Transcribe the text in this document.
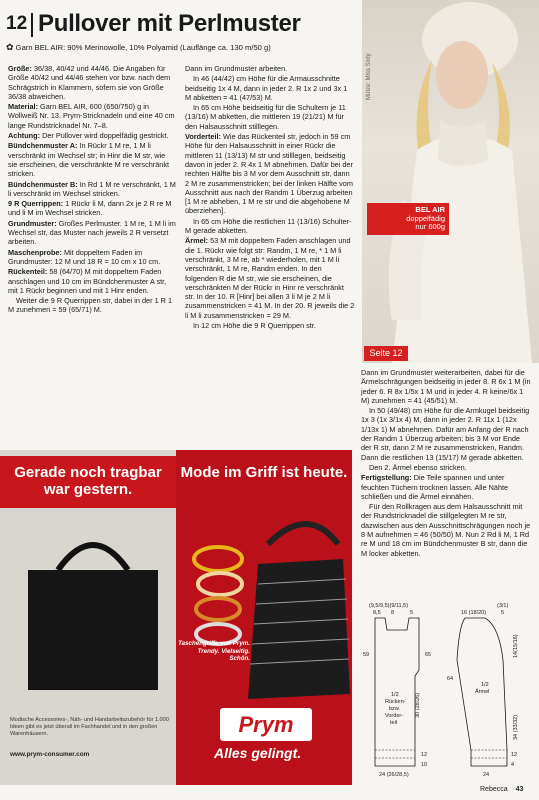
12 Pullover mit Perlmuster
✿ Garn BEL AIR: 90% Merinowolle, 10% Polyamid (Lauflänge ca. 130 m/50 g)

Größe: 36/38, 40/42 und 44/46. Die Angaben für Größe 40/42 und 44/46 stehen vor bzw. nach dem Schrägstrich in Klammern, sofern sie von Größe 36/38 abweichen.

Material: Garn BEL AIR, 600 (650/750) g in Wollweiß Nr. 13. Prym-Stricknadeln und eine 40 cm lange Rundstricknadel Nr. 7–8.

Achtung: Der Pullover wird doppelfädig gestrickt.

Bündchenmuster A: In Rückr 1 M re, 1 M li verschränkt im Wechsel str; in Hinr die M str, wie sie erscheinen, die verschränkte M re verschränkt stricken.

Bündchenmuster B: In Rd 1 M re verschränkt, 1 M li verschränkt im Wechsel stricken.

9 R Querrippen: 1 Rückr li M, dann 2x je 2 R re M und li M im Wechsel stricken.

Grundmuster: Großes Perlmuster. 1 M re, 1 M li im Wechsel str, das Muster nach jeweils 2 R versetzt arbeiten.

Maschenprobe: Mit doppeltem Faden im Grundmuster: 12 M und 18 R = 10 cm x 10 cm.

Rückenteil: 58 (64/70) M mit doppeltem Faden anschlagen und 10 cm im Bündchenmuster A str, mit 1 Rückr beginnen und mit 1 Hinr enden.

Weiter die 9 R Querrippen str, dabei in der 1 R 1 M zunehmen = 59 (65/71) M.

Dann im Grundmuster arbeiten.

In 46 (44/42) cm Höhe für die Armausschnitte beidseitig 1x 4 M, dann in jeder 2. R 1x 2 und 3x 1 M abketten = 41 (47/53) M.

In 65 cm Höhe beidseitig für die Schultern je 11 (13/16) M abketten, die mittleren 19 (21/21) M für den Halsausschnitt stilllegen.

Vorderteil: Wie das Rückenteil str, jedoch in 59 cm Höhe für den Halsausschnitt in einer Rückr die mittleren 11 (13/13) M str und stilllegen, beidseitig davon in jeder 2. R 4x 1 M abnehmen. Dafür bei der rechten Hälfte bis 3 M vor dem Ausschnitt str, dann 2 M re zusammenstricken; bei der linken Hälfte vom Ausschnitt aus nach der Randm 1 Überzug arbeiten [1 M re abheben, 1 M re str und die abgehobene M überziehen].

In 65 cm Höhe die restlichen 11 (13/16) Schulter-M gerade abketten.

Ärmel: 53 M mit doppeltem Faden anschlagen und die 1. Rückr wie folgt str: Randm, 1 M re, * 1 M li verschränkt, 3 M re, ab * wiederholen, mit 1 M li verschränkt, 1 M re, Randm enden. In den folgenden R die M str, wie sie erscheinen, die verschränkten M der Rückr in Hinr re verschränkt str. In der 10. R [Hinr] bei allen 3 li M je 2 M li zusammenstricken = 41 M. In der 20. R jeweils die 2 li M li zusammenstricken = 29 M.

In 12 cm Höhe die 9 R Querrippen str.

Mütze: Miss Sixty
BEL AIR
doppelfädig
nur 600g
Seite 12
Gerade noch tragbar war gestern.
Modische Accessoires-, Näh- und Handarbeitszubehör für 1.000 Ideen gibt es jetzt überall im Fachhandel und in den großen Warenhäusern.
www.prym-consumer.com
Mode im Griff ist heute.
Taschengriffe von Prym. Trendy. Vielseitig. Schön.
Prym
Alles gelingt.

Dann im Grundmuster weiterarbeiten, dabei für die Ärmelschrägungen beidseitig in jeder 8. R 6x 1 M (in jeder 6. R 8x 1/5x 1 M und in jeder 4. R keine/6x 1 M) zunehmen = 41 (45/51) M.

In 50 (49/48) cm Höhe für die Armkugel beidseitig 1x 3 (1x 3/1x 4) M, dann in jeder 2. R 11x 1 (12x 1/13x 1) M abnehmen. Dafür am Anfang der R nach der Randm 1 Überzug arbeiten; bis 3 M vor Ende der R str, dann 2 M re zusammenstricken, Randm. Dann die restlichen 13 (15/17) M gerade abketten.

Den 2. Ärmel ebenso stricken.

Fertigstellung: Die Teile spannen und unter feuchten Tüchern trocknen lassen. Alle Nähte schließen und die Ärmel einnähen.

Für den Rollkragen aus dem Halsausschnitt mit der Rundstricknadel die stillgelegten M re str, dazwischen aus den Ausschnittschrägungen noch je 8 M aufnehmen = 46 (50/50) M. Nun 2 Rd li M, 1 Rd re M und 18 cm im Bündchenmuster B str, dann die M locker abketten.

(9,5/9,5)(9/11,5)
8,5 8	5
1/2
Rücken-
bzw.
Vorder-
teil
59	65
30 (28/26)
12
10
24 (26/28,5)
16 (18/20)
(3/1)
5
1/2
Ärmel
64
14(15/16)
34 (33/32)
12
4
24
Rebecca 43
